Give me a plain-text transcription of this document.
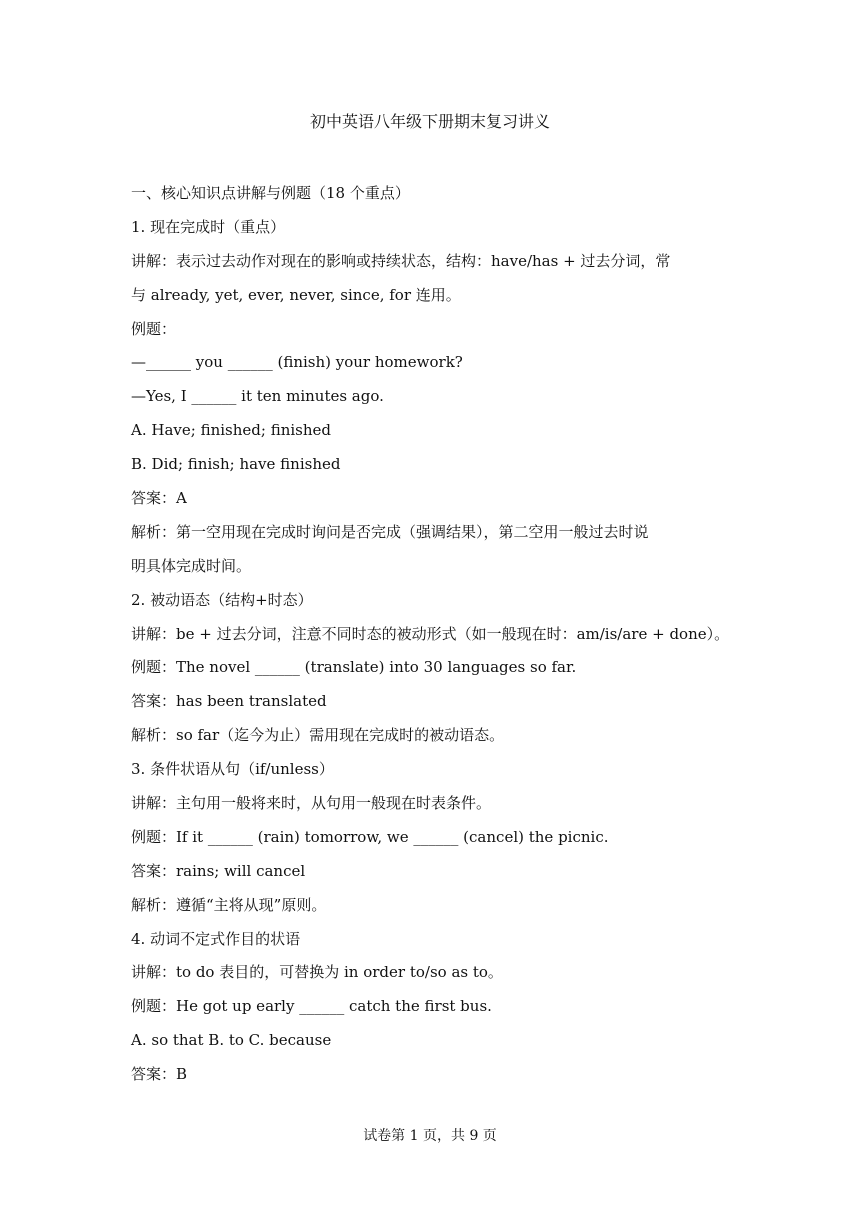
初中英语八年级下册期末复习讲义

一、核心知识点讲解与例题（18 个重点）

1. 现在完成时（重点）

讲解：表示过去动作对现在的影响或持续状态，结构：have/has + 过去分词，常

与 already, yet, ever, never, since, for 连用。

例题：

—______ you ______ (finish) your homework?

—Yes, I ______ it ten minutes ago.

A. Have; finished; finished

B. Did; finish; have finished

答案：A

解析：第一空用现在完成时询问是否完成（强调结果），第二空用一般过去时说

明具体完成时间。

2. 被动语态（结构+时态）

讲解：be + 过去分词，注意不同时态的被动形式（如一般现在时：am/is/are + done）。

例题：The novel ______ (translate) into 30 languages so far.

答案：has been translated

解析：so far（迄今为止）需用现在完成时的被动语态。

3. 条件状语从句（if/unless）

讲解：主句用一般将来时，从句用一般现在时表条件。

例题：If it ______ (rain) tomorrow, we ______ (cancel) the picnic.

答案：rains; will cancel

解析：遵循“主将从现”原则。

4. 动词不定式作目的状语

讲解：to do 表目的，可替换为 in order to/so as to。

例题：He got up early ______ catch the first bus.

A. so that B. to C. because

答案：B

试卷第 1 页，共 9 页
